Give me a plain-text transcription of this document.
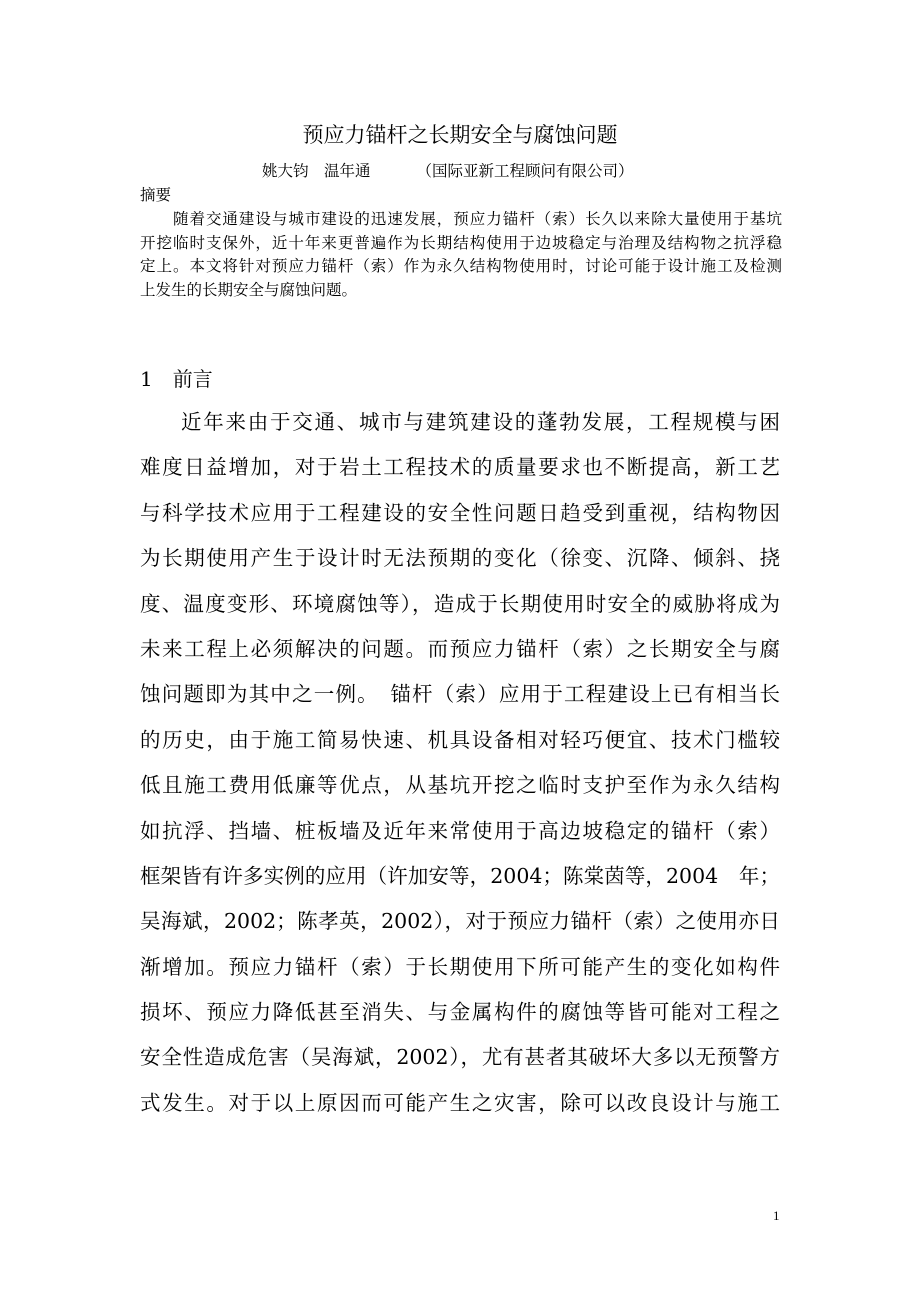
预应力锚杆之长期安全与腐蚀问题
姚大钧　温年通	（国际亚新工程顾问有限公司）
摘要
　　随着交通建设与城市建设的迅速发展，预应力锚杆（索）长久以来除大量使用于基坑
开挖临时支保外，近十年来更普遍作为长期结构使用于边坡稳定与治理及结构物之抗浮稳
定上。本文将针对预应力锚杆（索）作为永久结构物使用时，讨论可能于设计施工及检测
上发生的长期安全与腐蚀问题。
1 前言
近年来由于交通、城市与建筑建设的蓬勃发展，工程规模与困
难度日益增加，对于岩土工程技术的质量要求也不断提高，新工艺
与科学技术应用于工程建设的安全性问题日趋受到重视，结构物因
为长期使用产生于设计时无法预期的变化（徐变、沉降、倾斜、挠
度、温度变形、环境腐蚀等），造成于长期使用时安全的威胁将成为
未来工程上必须解决的问题。而预应力锚杆（索）之长期安全与腐
蚀问题即为其中之一例。　锚杆（索）应用于工程建设上已有相当长
的历史，由于施工简易快速、机具设备相对轻巧便宜、技术门槛较
低且施工费用低廉等优点，从基坑开挖之临时支护至作为永久结构
如抗浮、挡墙、桩板墙及近年来常使用于高边坡稳定的锚杆（索）
框架皆有许多实例的应用（许加安等，2004；陈棠茵等，2004　年；
吴海斌，2002；陈孝英，2002），对于预应力锚杆（索）之使用亦日
渐增加。预应力锚杆（索）于长期使用下所可能产生的变化如构件
损坏、预应力降低甚至消失、与金属构件的腐蚀等皆可能对工程之
安全性造成危害（吴海斌，2002），尤有甚者其破坏大多以无预警方
式发生。对于以上原因而可能产生之灾害，除可以改良设计与施工
1
